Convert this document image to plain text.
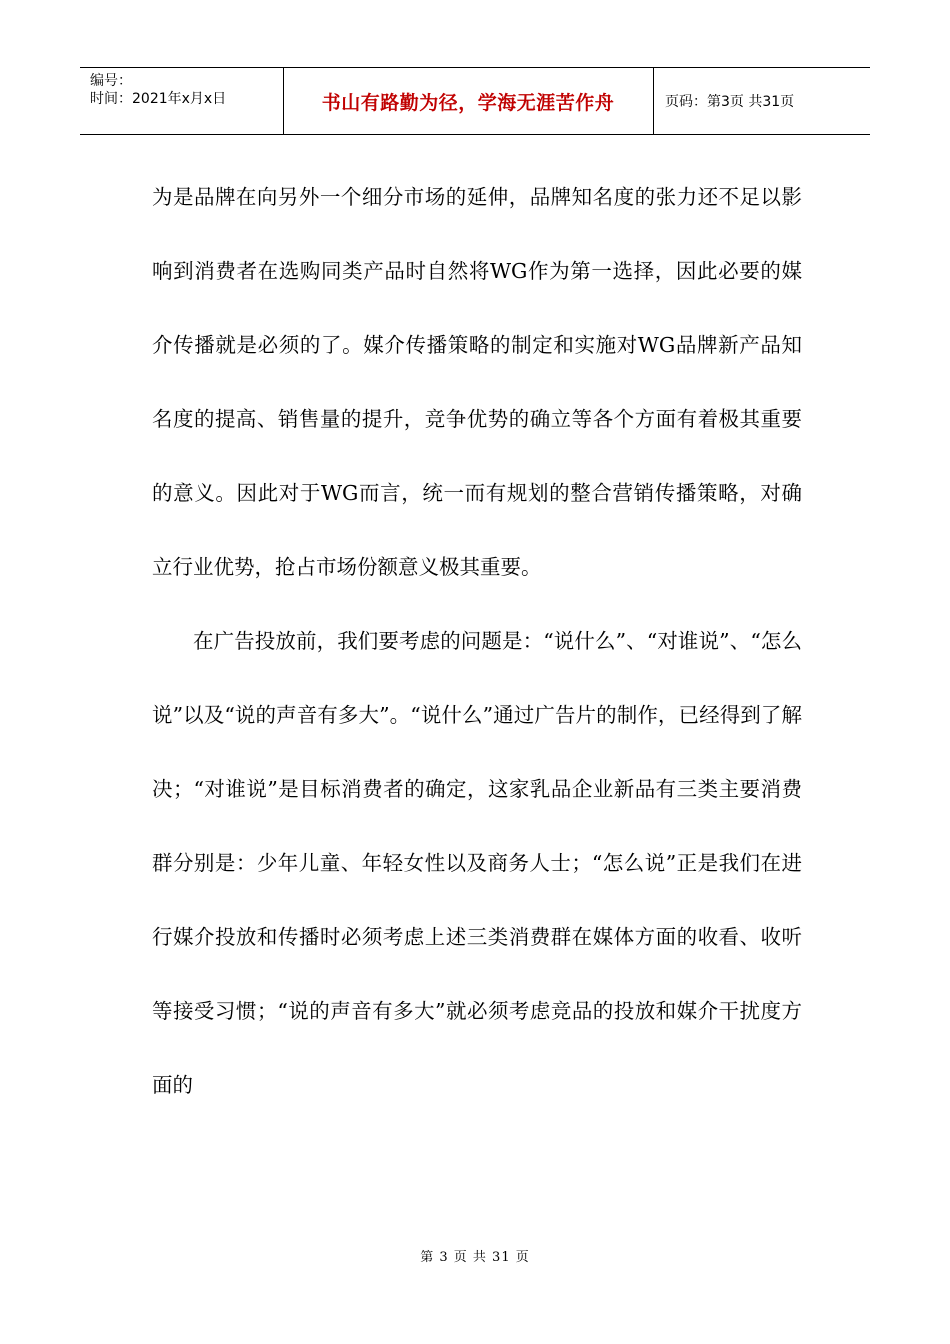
编号：
时间：2021年x月x日	书山有路勤为径，学海无涯苦作舟	页码：第3页 共31页

为是品牌在向另外一个细分市场的延伸，品牌知名度的张力还不足以影响到消费者在选购同类产品时自然将WG作为第一选择，因此必要的媒介传播就是必须的了。媒介传播策略的制定和实施对WG品牌新产品知名度的提高、销售量的提升，竞争优势的确立等各个方面有着极其重要的意义。因此对于WG而言，统一而有规划的整合营销传播策略，对确立行业优势，抢占市场份额意义极其重要。

在广告投放前，我们要考虑的问题是：“说什么”、“对谁说”、“怎么说”以及“说的声音有多大”。“说什么”通过广告片的制作，已经得到了解决；“对谁说”是目标消费者的确定，这家乳品企业新品有三类主要消费群分别是：少年儿童、年轻女性以及商务人士；“怎么说”正是我们在进行媒介投放和传播时必须考虑上述三类消费群在媒体方面的收看、收听等接受习惯；“说的声音有多大”就必须考虑竞品的投放和媒介干扰度方面的

第 3 页 共 31 页
